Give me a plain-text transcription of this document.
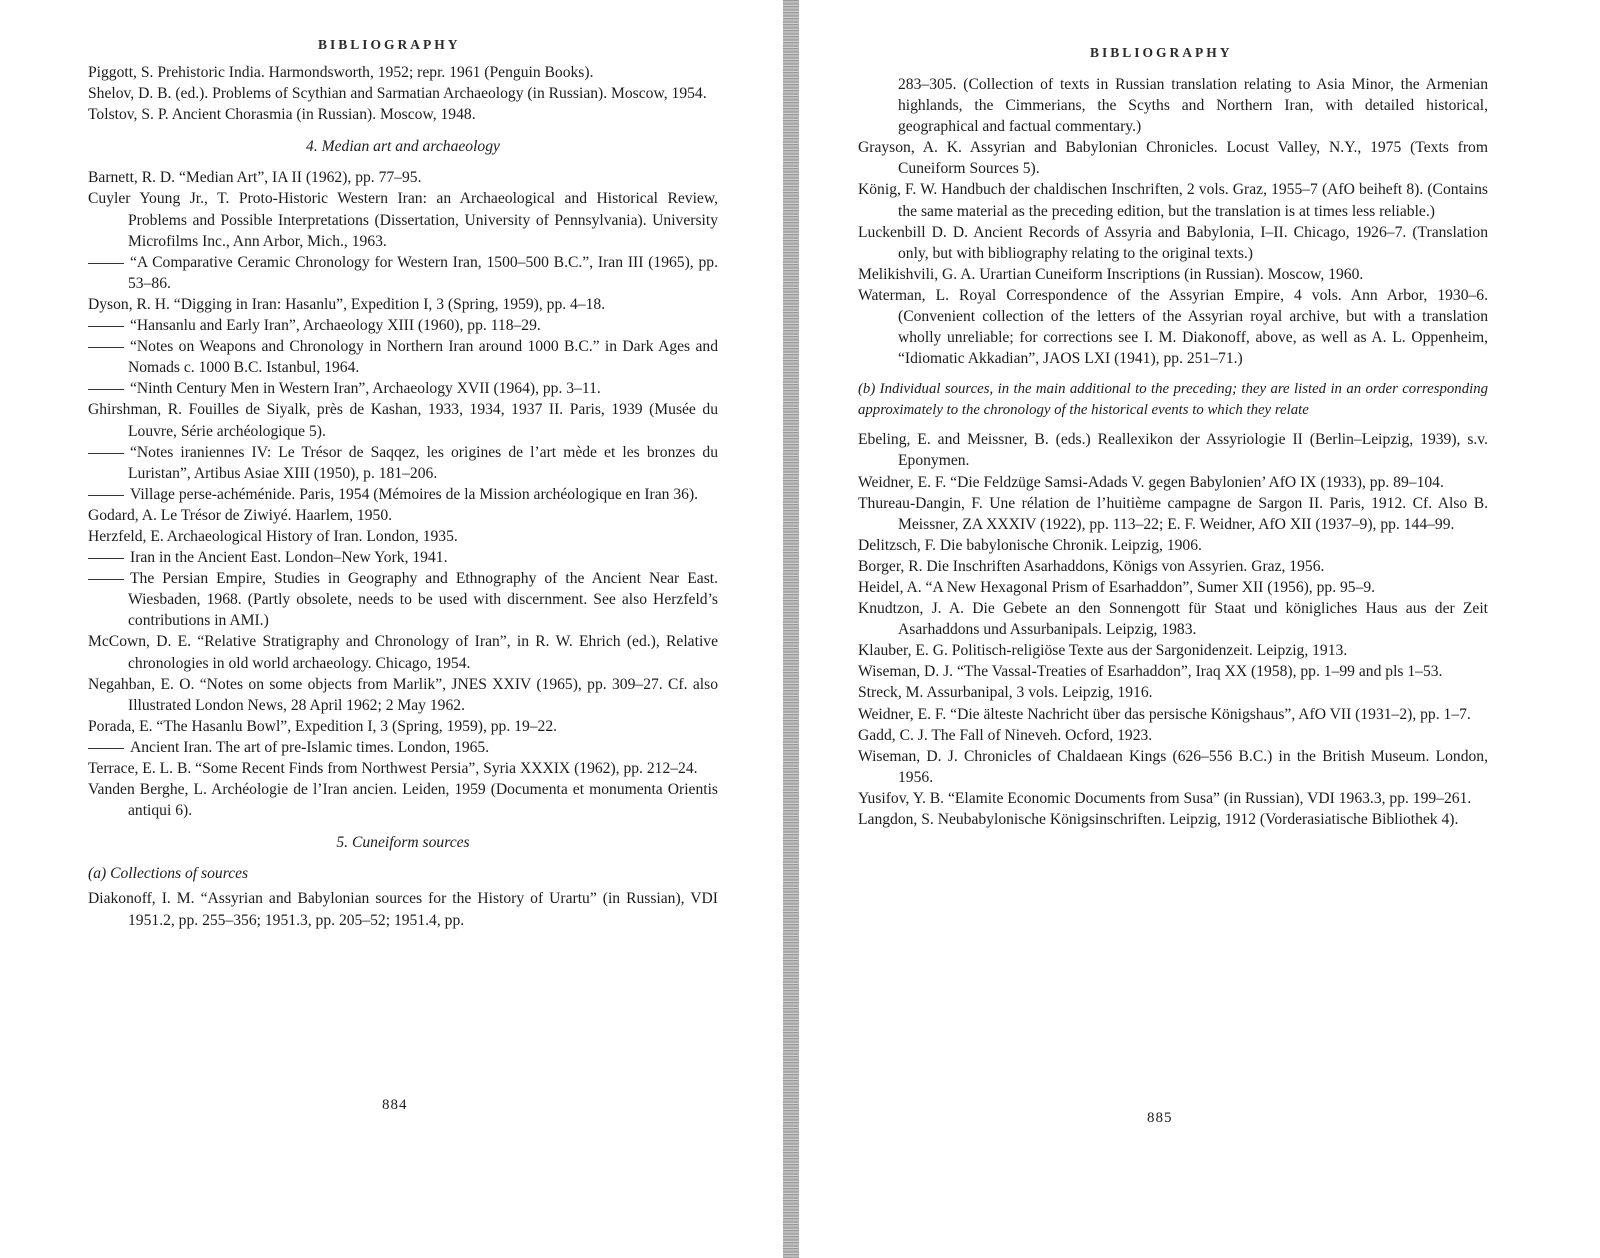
BIBLIOGRAPHY

Piggott, S. Prehistoric India. Harmondsworth, 1952; repr. 1961 (Penguin Books).

Shelov, D. B. (ed.). Problems of Scythian and Sarmatian Archaeology (in Russian). Moscow, 1954.

Tolstov, S. P. Ancient Chorasmia (in Russian). Moscow, 1948.

4. Median art and archaeology

Barnett, R. D. “Median Art”, IA II (1962), pp. 77–95.

Cuyler Young Jr., T. Proto-Historic Western Iran: an Archaeological and Historical Review, Problems and Possible Interpretations (Dissertation, University of Pennsylvania). University Microfilms Inc., Ann Arbor, Mich., 1963.

“A Comparative Ceramic Chronology for Western Iran, 1500–500 B.C.”, Iran III (1965), pp. 53–86.

Dyson, R. H. “Digging in Iran: Hasanlu”, Expedition I, 3 (Spring, 1959), pp. 4–18.

“Hansanlu and Early Iran”, Archaeology XIII (1960), pp. 118–29.

“Notes on Weapons and Chronology in Northern Iran around 1000 B.C.” in Dark Ages and Nomads c. 1000 B.C. Istanbul, 1964.

“Ninth Century Men in Western Iran”, Archaeology XVII (1964), pp. 3–11.

Ghirshman, R. Fouilles de Siyalk, près de Kashan, 1933, 1934, 1937 II. Paris, 1939 (Musée du Louvre, Série archéologique 5).

“Notes iraniennes IV: Le Trésor de Saqqez, les origines de l’art mède et les bronzes du Luristan”, Artibus Asiae XIII (1950), p. 181–206.

Village perse-achéménide. Paris, 1954 (Mémoires de la Mission archéologique en Iran 36).

Godard, A. Le Trésor de Ziwiyé. Haarlem, 1950.

Herzfeld, E. Archaeological History of Iran. London, 1935.

Iran in the Ancient East. London–New York, 1941.

The Persian Empire, Studies in Geography and Ethnography of the Ancient Near East. Wiesbaden, 1968. (Partly obsolete, needs to be used with discernment. See also Herzfeld’s contributions in AMI.)

McCown, D. E. “Relative Stratigraphy and Chronology of Iran”, in R. W. Ehrich (ed.), Relative chronologies in old world archaeology. Chicago, 1954.

Negahban, E. O. “Notes on some objects from Marlik”, JNES XXIV (1965), pp. 309–27. Cf. also Illustrated London News, 28 April 1962; 2 May 1962.

Porada, E. “The Hasanlu Bowl”, Expedition I, 3 (Spring, 1959), pp. 19–22.

Ancient Iran. The art of pre-Islamic times. London, 1965.

Terrace, E. L. B. “Some Recent Finds from Northwest Persia”, Syria XXXIX (1962), pp. 212–24.

Vanden Berghe, L. Archéologie de l’Iran ancien. Leiden, 1959 (Documenta et monumenta Orientis antiqui 6).

5. Cuneiform sources

(a) Collections of sources

Diakonoff, I. M. “Assyrian and Babylonian sources for the History of Urartu” (in Russian), VDI 1951.2, pp. 255–356; 1951.3, pp. 205–52; 1951.4, pp.

884
BIBLIOGRAPHY

283–305. (Collection of texts in Russian translation relating to Asia Minor, the Armenian highlands, the Cimmerians, the Scyths and Northern Iran, with detailed historical, geographical and factual commentary.)

Grayson, A. K. Assyrian and Babylonian Chronicles. Locust Valley, N.Y., 1975 (Texts from Cuneiform Sources 5).

König, F. W. Handbuch der chaldischen Inschriften, 2 vols. Graz, 1955–7 (AfO beiheft 8). (Contains the same material as the preceding edition, but the translation is at times less reliable.)

Luckenbill D. D. Ancient Records of Assyria and Babylonia, I–II. Chicago, 1926–7. (Translation only, but with bibliography relating to the original texts.)

Melikishvili, G. A. Urartian Cuneiform Inscriptions (in Russian). Moscow, 1960.

Waterman, L. Royal Correspondence of the Assyrian Empire, 4 vols. Ann Arbor, 1930–6. (Convenient collection of the letters of the Assyrian royal archive, but with a translation wholly unreliable; for corrections see I. M. Diakonoff, above, as well as A. L. Oppenheim, “Idiomatic Akkadian”, JAOS LXI (1941), pp. 251–71.)

(b) Individual sources, in the main additional to the preceding; they are listed in an order corresponding approximately to the chronology of the historical events to which they relate

Ebeling, E. and Meissner, B. (eds.) Reallexikon der Assyriologie II (Berlin–Leipzig, 1939), s.v. Eponymen.

Weidner, E. F. “Die Feldzüge Samsi-Adads V. gegen Babylonien’ AfO IX (1933), pp. 89–104.

Thureau-Dangin, F. Une rélation de l’huitième campagne de Sargon II. Paris, 1912. Cf. Also B. Meissner, ZA XXXIV (1922), pp. 113–22; E. F. Weidner, AfO XII (1937–9), pp. 144–99.

Delitzsch, F. Die babylonische Chronik. Leipzig, 1906.

Borger, R. Die Inschriften Asarhaddons, Königs von Assyrien. Graz, 1956.

Heidel, A. “A New Hexagonal Prism of Esarhaddon”, Sumer XII (1956), pp. 95–9.

Knudtzon, J. A. Die Gebete an den Sonnengott für Staat und königliches Haus aus der Zeit Asarhaddons und Assurbanipals. Leipzig, 1983.

Klauber, E. G. Politisch-religiöse Texte aus der Sargonidenzeit. Leipzig, 1913.

Wiseman, D. J. “The Vassal-Treaties of Esarhaddon”, Iraq XX (1958), pp. 1–99 and pls 1–53.

Streck, M. Assurbanipal, 3 vols. Leipzig, 1916.

Weidner, E. F. “Die älteste Nachricht über das persische Königshaus”, AfO VII (1931–2), pp. 1–7.

Gadd, C. J. The Fall of Nineveh. Ocford, 1923.

Wiseman, D. J. Chronicles of Chaldaean Kings (626–556 B.C.) in the British Museum. London, 1956.

Yusifov, Y. B. “Elamite Economic Documents from Susa” (in Russian), VDI 1963.3, pp. 199–261.

Langdon, S. Neubabylonische Königsinschriften. Leipzig, 1912 (Vorderasiatische Bibliothek 4).

885
